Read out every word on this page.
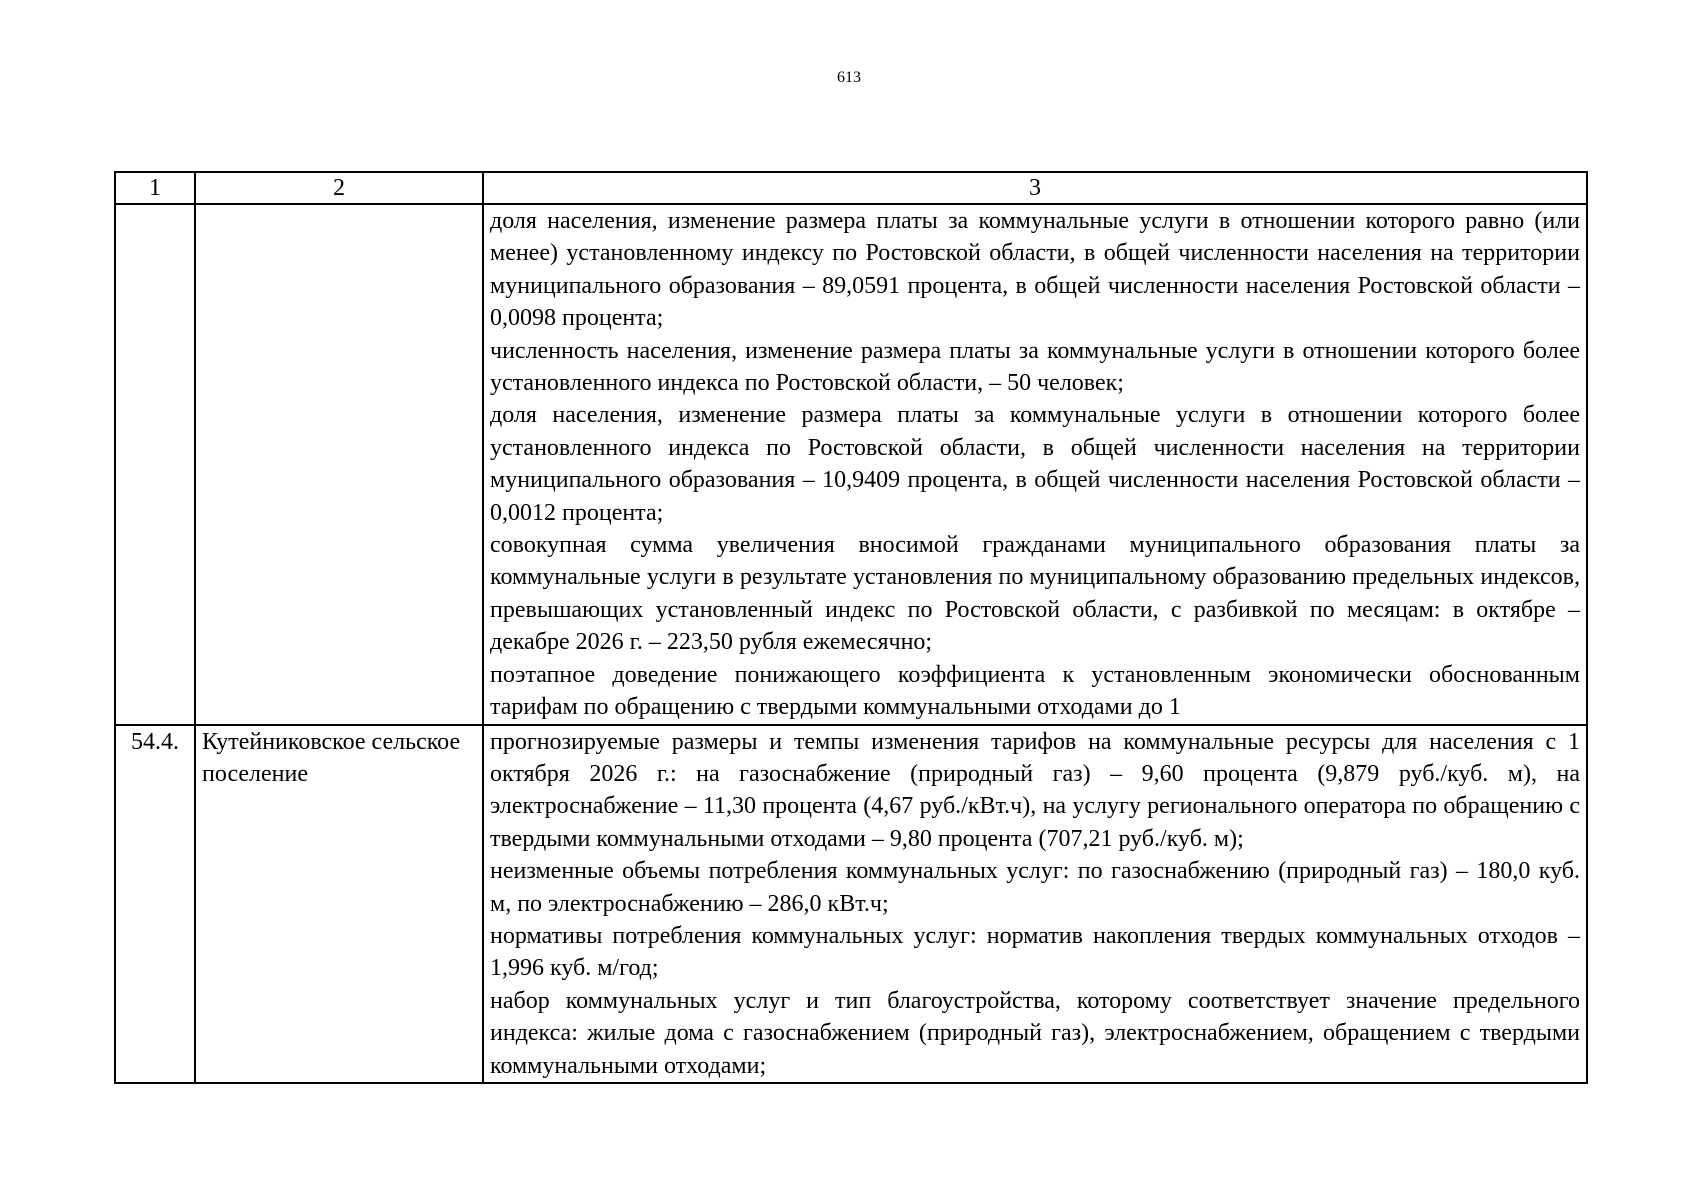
613
1	2	3

		доля населения, изменение размера платы за коммунальные услуги в отношении которого равно (или менее) установленному индексу по Ростовской области, в общей численности населения на территории муниципального образования – 89,0591 процента, в общей численности населения Ростовской области – 0,0098 процента;
численность населения, изменение размера платы за коммунальные услуги в отношении которого более установленного индекса по Ростовской области, – 50 человек;
доля населения, изменение размера платы за коммунальные услуги в отношении которого более установленного индекса по Ростовской области, в общей численности населения на территории муниципального образования – 10,9409 процента, в общей численности населения Ростовской области – 0,0012 процента;
совокупная сумма увеличения вносимой гражданами муниципального образования платы за коммунальные услуги в результате установления по муниципальному образованию предельных индексов, превышающих установленный индекс по Ростовской области, с разбивкой по месяцам: в октябре – декабре 2026 г. – 223,50 рубля ежемесячно;
поэтапное доведение понижающего коэффициента к установленным экономически обоснованным тарифам по обращению с твердыми коммунальными отходами до 1

54.4.	Кутейниковское сельское поселение	прогнозируемые размеры и темпы изменения тарифов на коммунальные ресурсы для населения с 1 октября 2026 г.: на газоснабжение (природный газ) – 9,60 процента (9,879 руб./куб. м), на электроснабжение – 11,30 процента (4,67 руб./кВт.ч), на услугу регионального оператора по обращению с твердыми коммунальными отходами – 9,80 процента (707,21 руб./куб. м);
неизменные объемы потребления коммунальных услуг: по газоснабжению (природный газ) – 180,0 куб. м, по электроснабжению – 286,0 кВт.ч;
нормативы потребления коммунальных услуг: норматив накопления твердых коммунальных отходов – 1,996 куб. м/год;
набор коммунальных услуг и тип благоустройства, которому соответствует значение предельного индекса: жилые дома с газоснабжением (природный газ), электроснабжением, обращением с твердыми коммунальными отходами;
